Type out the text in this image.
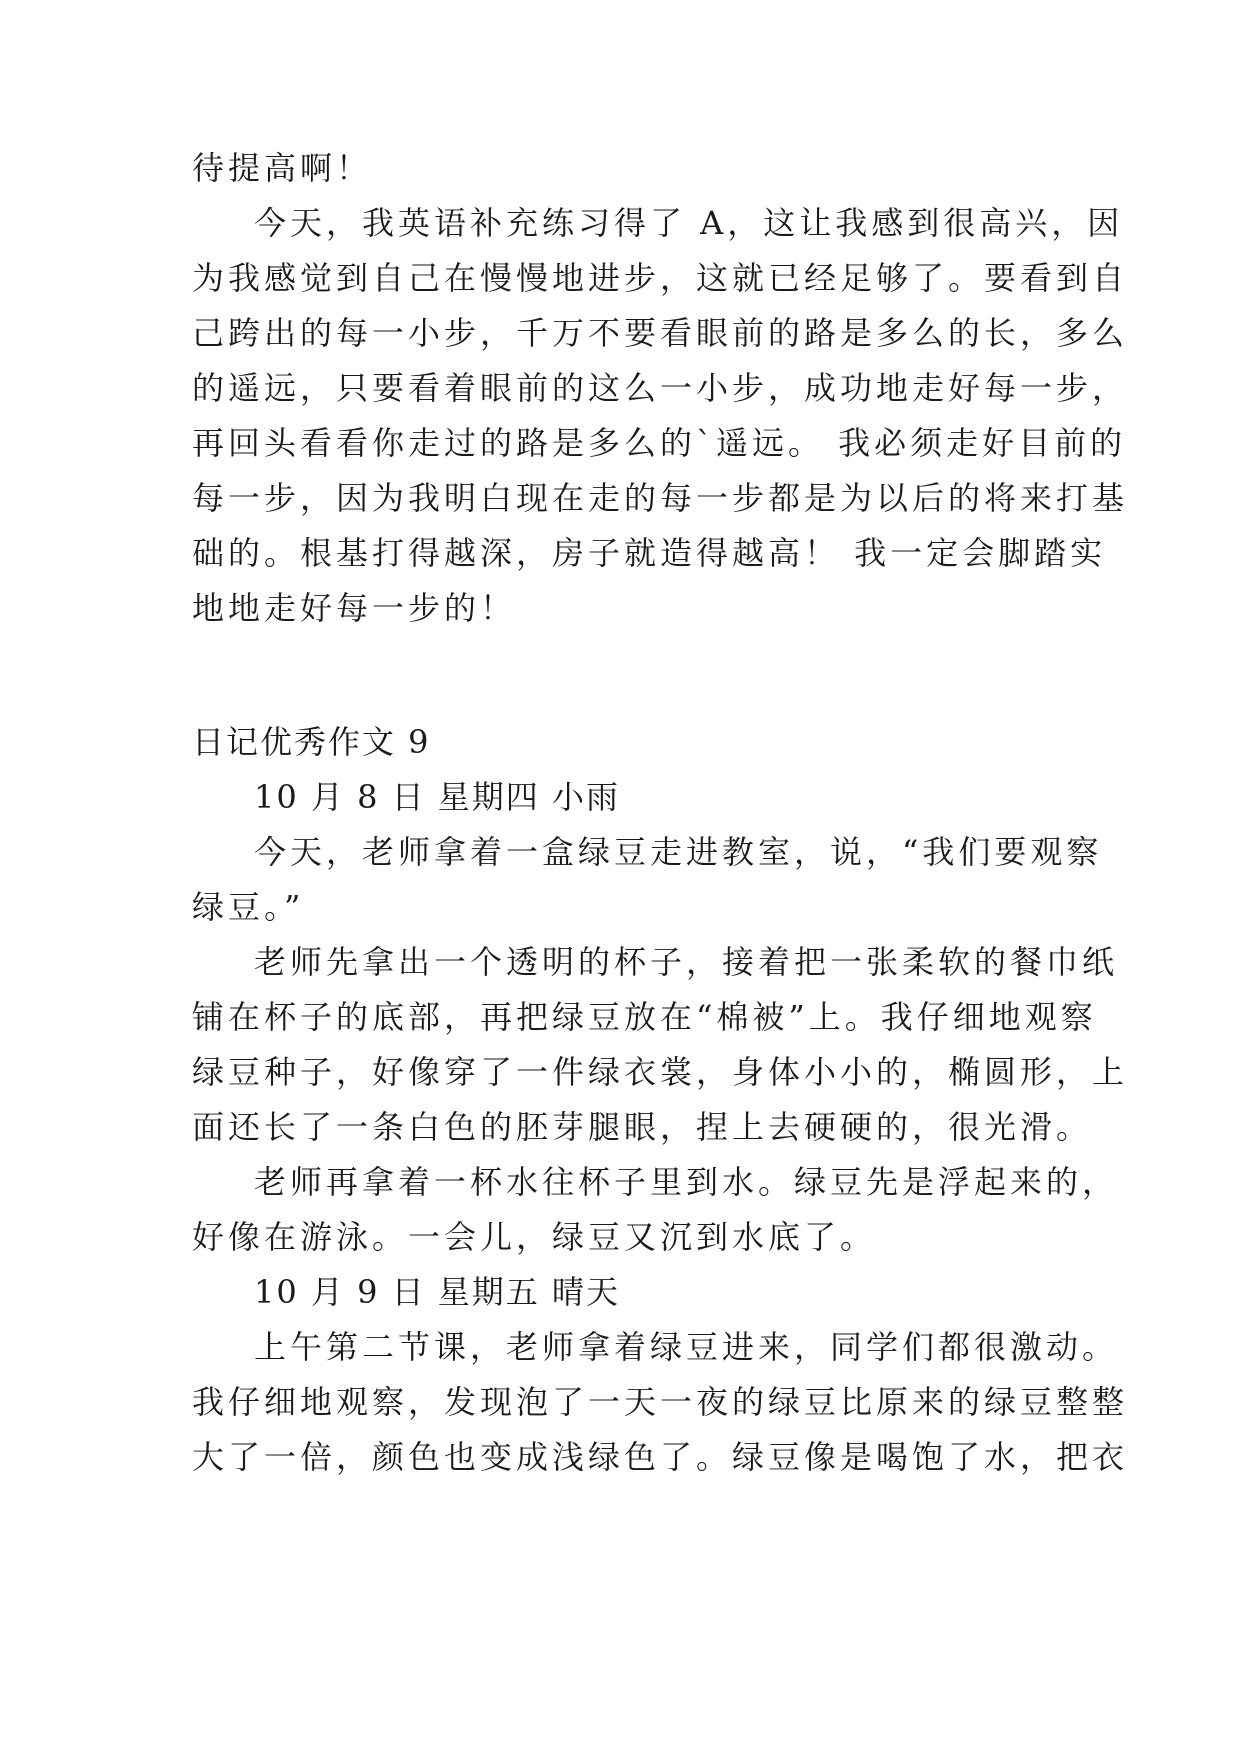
待提高啊！
今天，我英语补充练习得了 A，这让我感到很高兴，因
为我感觉到自己在慢慢地进步，这就已经足够了。要看到自
己跨出的每一小步，千万不要看眼前的路是多么的长，多么
的遥远，只要看着眼前的这么一小步，成功地走好每一步，
再回头看看你走过的路是多么的`遥远。 我必须走好目前的
每一步，因为我明白现在走的每一步都是为以后的将来打基
础的。根基打得越深，房子就造得越高！ 我一定会脚踏实
地地走好每一步的！
日记优秀作文 9
10 月 8 日 星期四 小雨
今天，老师拿着一盒绿豆走进教室，说，“我们要观察
绿豆。”
老师先拿出一个透明的杯子，接着把一张柔软的餐巾纸
铺在杯子的底部，再把绿豆放在“棉被”上。我仔细地观察
绿豆种子，好像穿了一件绿衣裳，身体小小的，椭圆形，上
面还长了一条白色的胚芽腿眼，捏上去硬硬的，很光滑。
老师再拿着一杯水往杯子里到水。绿豆先是浮起来的，
好像在游泳。一会儿，绿豆又沉到水底了。
10 月 9 日 星期五 晴天
上午第二节课，老师拿着绿豆进来，同学们都很激动。
我仔细地观察，发现泡了一天一夜的绿豆比原来的绿豆整整
大了一倍，颜色也变成浅绿色了。绿豆像是喝饱了水，把衣
